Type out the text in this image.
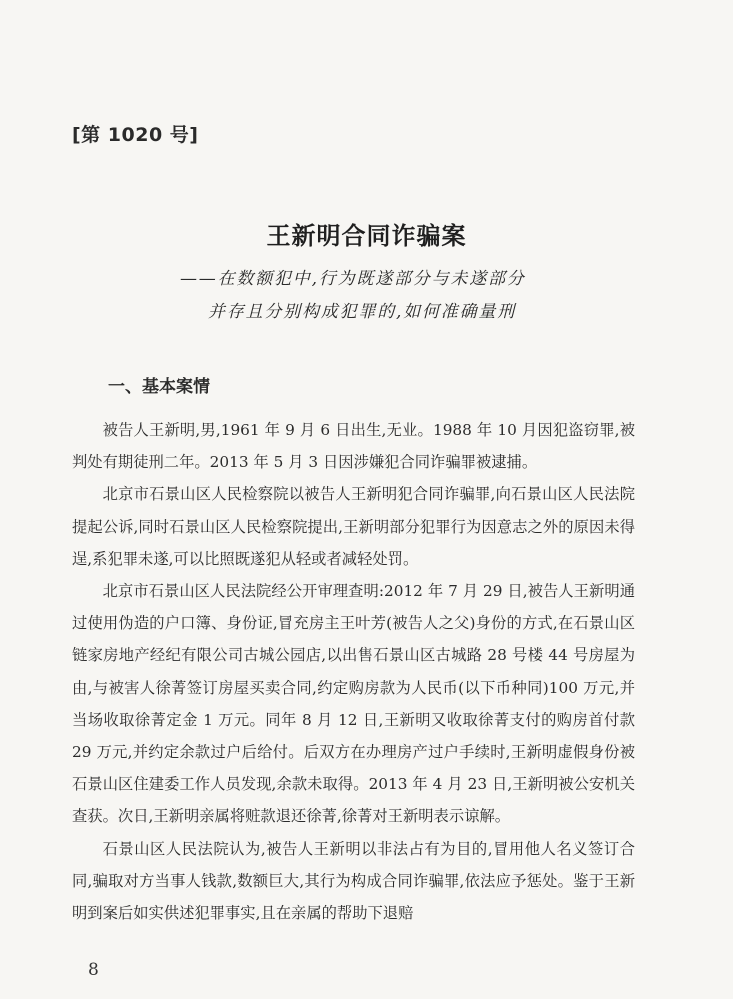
[第 1020 号]
王新明合同诈骗案
——在数额犯中,行为既遂部分与未遂部分
并存且分别构成犯罪的,如何准确量刑
一、基本案情

被告人王新明,男,1961 年 9 月 6 日出生,无业。1988 年 10 月因犯盗窃罪,被判处有期徒刑二年。2013 年 5 月 3 日因涉嫌犯合同诈骗罪被逮捕。

北京市石景山区人民检察院以被告人王新明犯合同诈骗罪,向石景山区人民法院提起公诉,同时石景山区人民检察院提出,王新明部分犯罪行为因意志之外的原因未得逞,系犯罪未遂,可以比照既遂犯从轻或者减轻处罚。

北京市石景山区人民法院经公开审理查明:2012 年 7 月 29 日,被告人王新明通过使用伪造的户口簿、身份证,冒充房主王叶芳(被告人之父)身份的方式,在石景山区链家房地产经纪有限公司古城公园店,以出售石景山区古城路 28 号楼 44 号房屋为由,与被害人徐菁签订房屋买卖合同,约定购房款为人民币(以下币种同)100 万元,并当场收取徐菁定金 1 万元。同年 8 月 12 日,王新明又收取徐菁支付的购房首付款 29 万元,并约定余款过户后给付。后双方在办理房产过户手续时,王新明虚假身份被石景山区住建委工作人员发现,余款未取得。2013 年 4 月 23 日,王新明被公安机关查获。次日,王新明亲属将赃款退还徐菁,徐菁对王新明表示谅解。

石景山区人民法院认为,被告人王新明以非法占有为目的,冒用他人名义签订合同,骗取对方当事人钱款,数额巨大,其行为构成合同诈骗罪,依法应予惩处。鉴于王新明到案后如实供述犯罪事实,且在亲属的帮助下退赔

8
